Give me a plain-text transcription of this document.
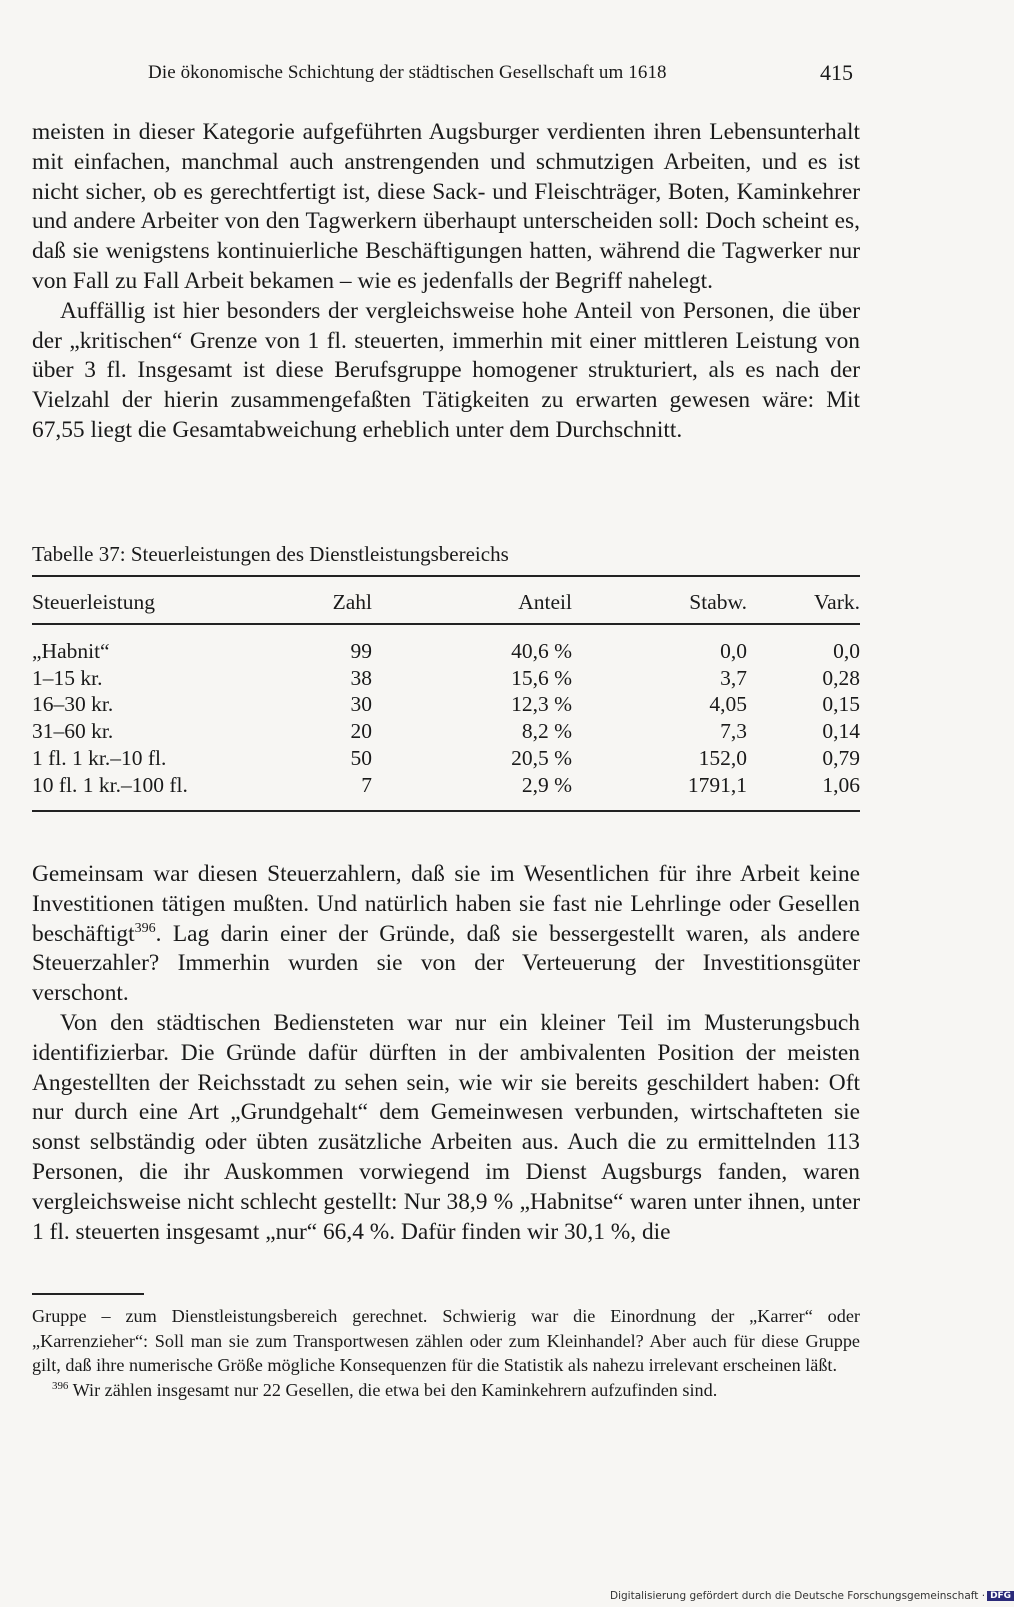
Die ökonomische Schichtung der städtischen Gesellschaft um 1618	415

meisten in dieser Kategorie aufgeführten Augsburger verdienten ihren Lebensunterhalt mit einfachen, manchmal auch anstrengenden und schmutzigen Arbeiten, und es ist nicht sicher, ob es gerechtfertigt ist, diese Sack- und Fleischträger, Boten, Kaminkehrer und andere Arbeiter von den Tagwerkern überhaupt unterscheiden soll: Doch scheint es, daß sie wenigstens kontinuierliche Beschäftigungen hatten, während die Tagwerker nur von Fall zu Fall Arbeit bekamen – wie es jedenfalls der Begriff nahelegt.

Auffällig ist hier besonders der vergleichsweise hohe Anteil von Personen, die über der „kritischen“ Grenze von 1 fl. steuerten, immerhin mit einer mittleren Leistung von über 3 fl. Insgesamt ist diese Berufsgruppe homogener strukturiert, als es nach der Vielzahl der hierin zusammengefaßten Tätigkeiten zu erwarten gewesen wäre: Mit 67,55 liegt die Gesamtabweichung erheblich unter dem Durchschnitt.

Tabelle 37: Steuerleistungen des Dienstleistungsbereichs
Steuerleistung	Zahl	Anteil	Stabw.	Vark.
„Habnit“	99	40,6 %	0,0	0,0
1–15 kr.	38	15,6 %	3,7	0,28
16–30 kr.	30	12,3 %	4,05	0,15
31–60 kr.	20	8,2 %	7,3	0,14
1 fl. 1 kr.–10 fl.	50	20,5 %	152,0	0,79
10 fl. 1 kr.–100 fl.	7	2,9 %	1791,1	1,06

Gemeinsam war diesen Steuerzahlern, daß sie im Wesentlichen für ihre Arbeit keine Investitionen tätigen mußten. Und natürlich haben sie fast nie Lehrlinge oder Gesellen beschäftigt$^{396}$. Lag darin einer der Gründe, daß sie bessergestellt waren, als andere Steuerzahler? Immerhin wurden sie von der Verteuerung der Investitionsgüter verschont.

Von den städtischen Bediensteten war nur ein kleiner Teil im Musterungsbuch identifizierbar. Die Gründe dafür dürften in der ambivalenten Position der meisten Angestellten der Reichsstadt zu sehen sein, wie wir sie bereits geschildert haben: Oft nur durch eine Art „Grundgehalt“ dem Gemeinwesen verbunden, wirtschafteten sie sonst selbständig oder übten zusätzliche Arbeiten aus. Auch die zu ermittelnden 113 Personen, die ihr Auskommen vorwiegend im Dienst Augsburgs fanden, waren vergleichsweise nicht schlecht gestellt: Nur 38,9 % „Habnitse“ waren unter ihnen, unter 1 fl. steuerten insgesamt „nur“ 66,4 %. Dafür finden wir 30,1 %, die

Gruppe – zum Dienstleistungsbereich gerechnet. Schwierig war die Einordnung der „Karrer“ oder „Karrenzieher“: Soll man sie zum Transportwesen zählen oder zum Kleinhandel? Aber auch für diese Gruppe gilt, daß ihre numerische Größe mögliche Konsequenzen für die Statistik als nahezu irrelevant erscheinen läßt.

$^{396}$ Wir zählen insgesamt nur 22 Gesellen, die etwa bei den Kaminkehrern aufzufinden sind.

Digitalisierung gefördert durch die Deutsche Forschungsgemeinschaft · DFG
